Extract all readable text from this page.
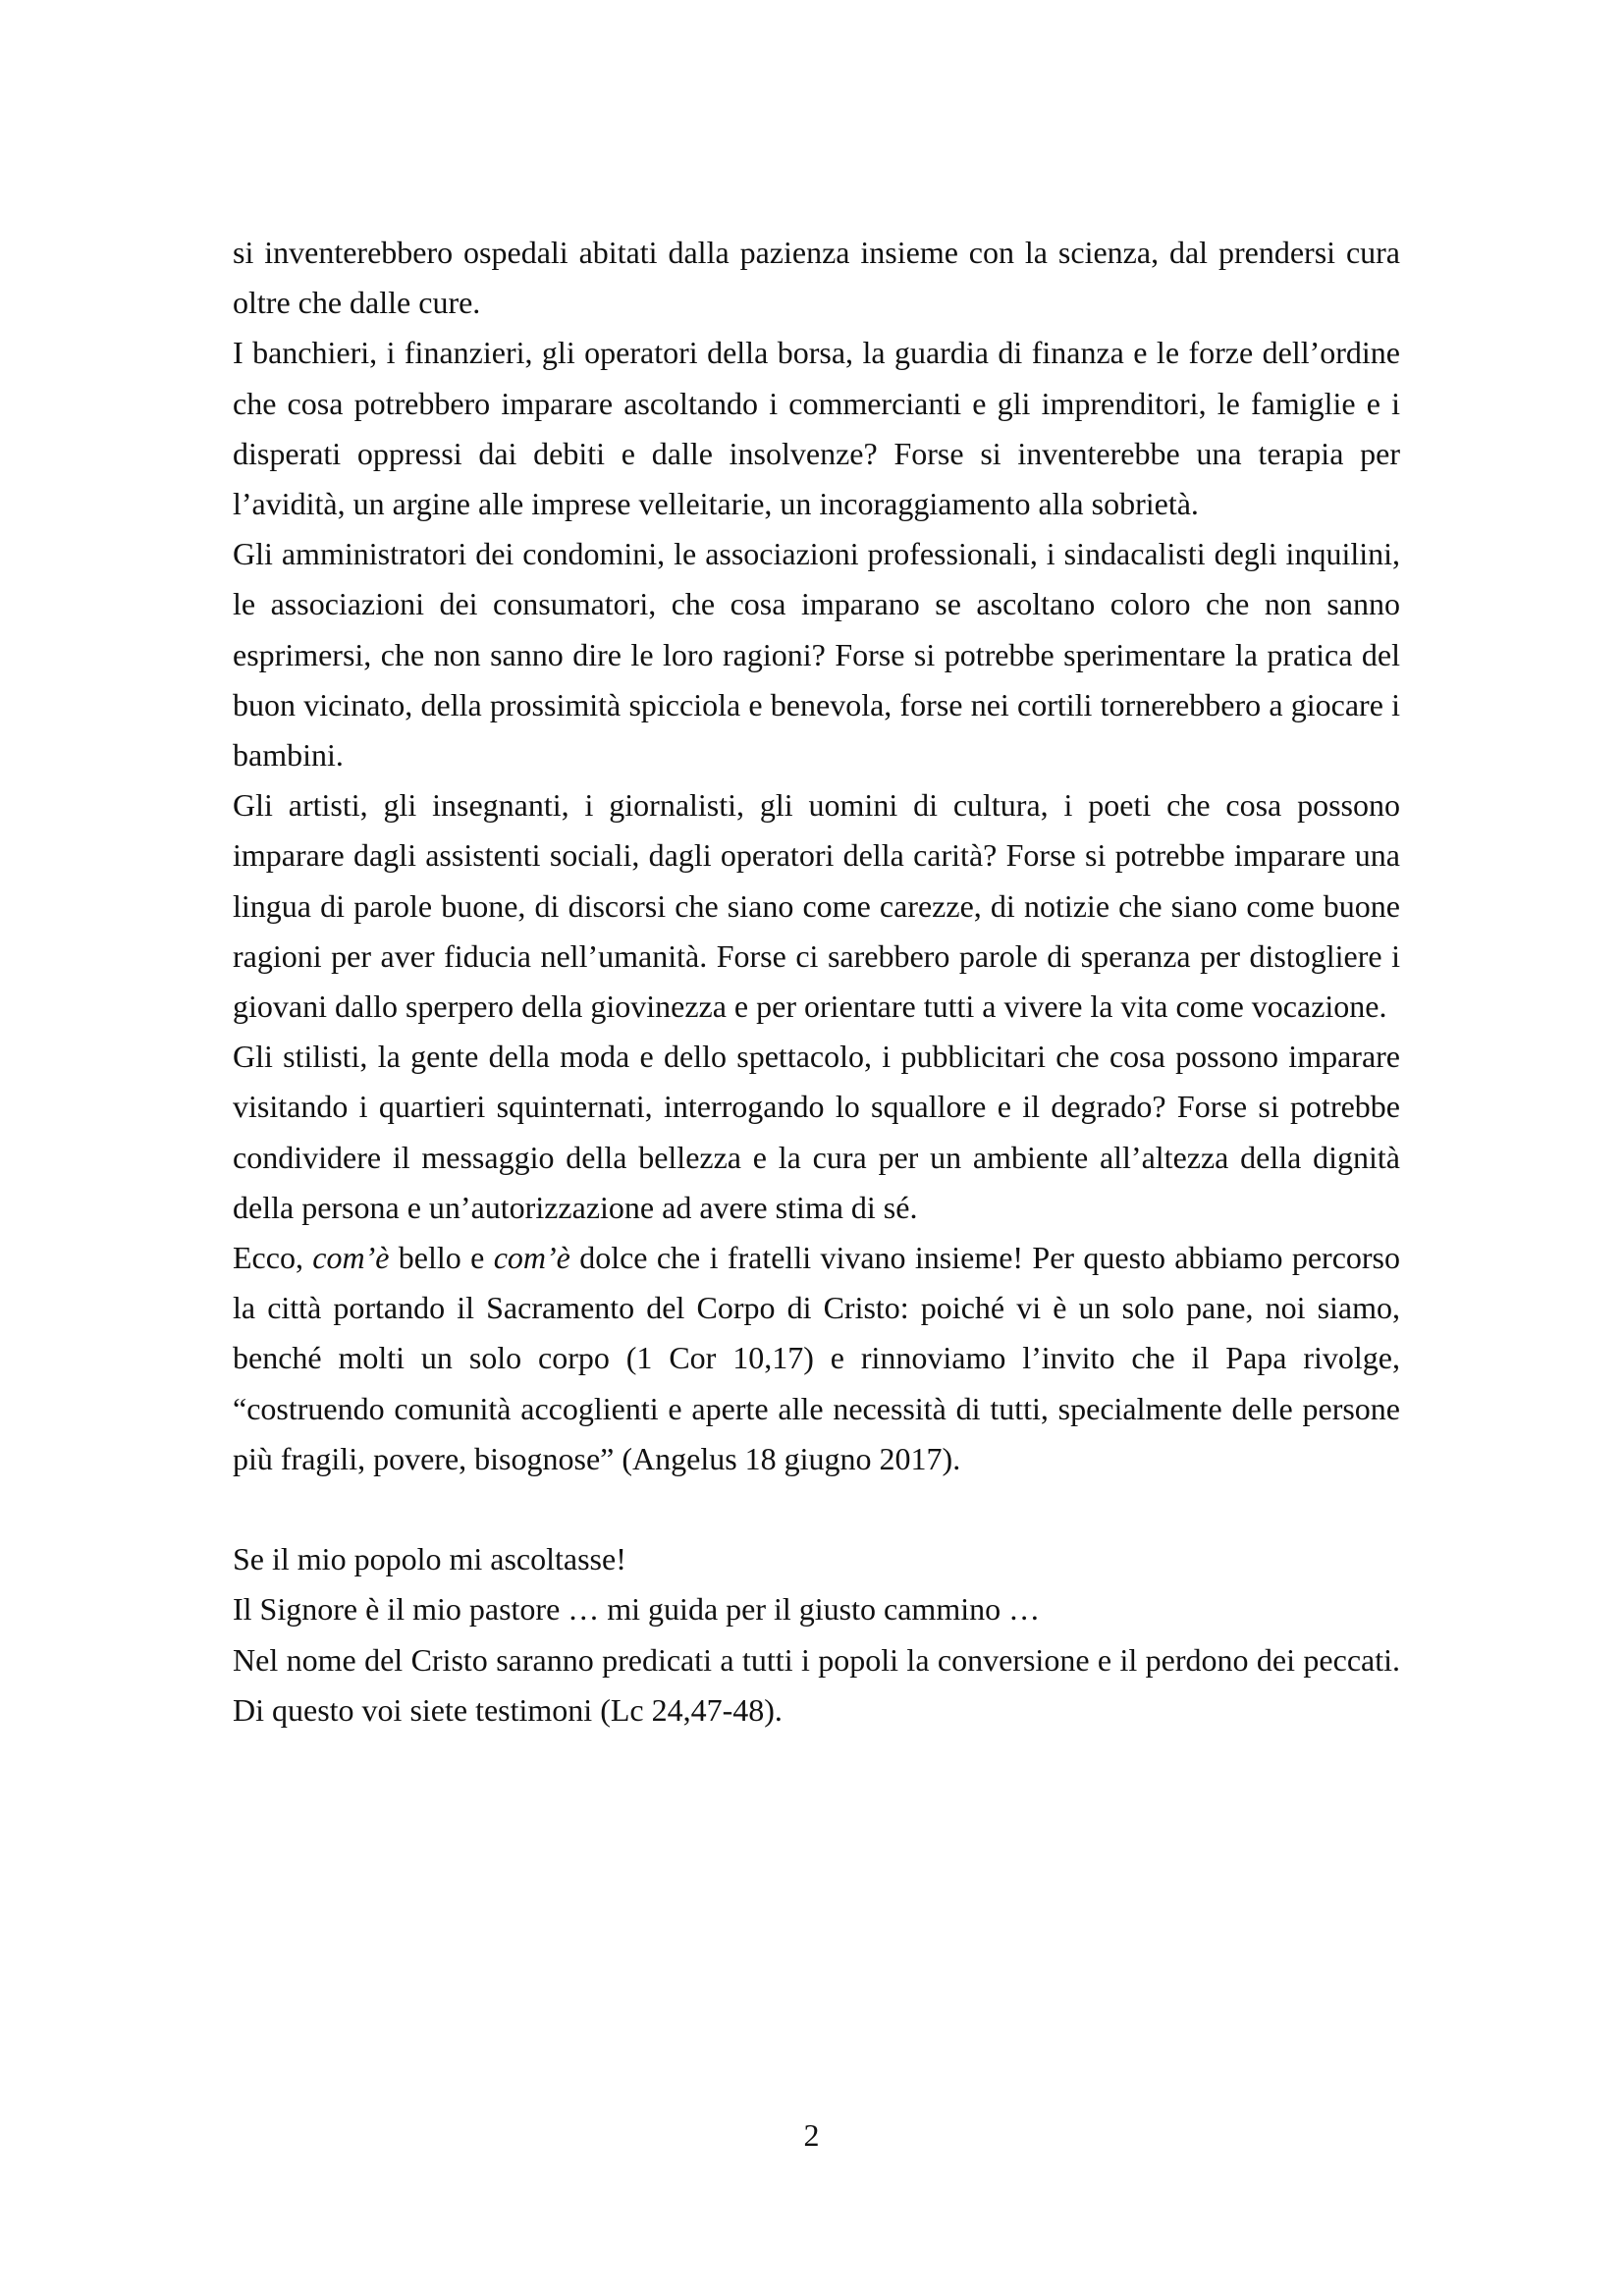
si inventerebbero ospedali abitati dalla pazienza insieme con la scienza, dal prendersi cura oltre che dalle cure.

I banchieri, i finanzieri, gli operatori della borsa, la guardia di finanza e le forze dell’ordine che cosa potrebbero imparare ascoltando i commercianti e gli imprenditori, le famiglie e i disperati oppressi dai debiti e dalle insolvenze? Forse si inventerebbe una terapia per l’avidità, un argine alle imprese velleitarie, un incoraggiamento alla sobrietà.

Gli amministratori dei condomini, le associazioni professionali, i sindacalisti degli inquilini, le associazioni dei consumatori, che cosa imparano se ascoltano coloro che non sanno esprimersi, che non sanno dire le loro ragioni? Forse si potrebbe sperimentare la pratica del buon vicinato, della prossimità spicciola e benevola, forse nei cortili tornerebbero a giocare i bambini.

Gli artisti, gli insegnanti, i giornalisti, gli uomini di cultura, i poeti che cosa possono imparare dagli assistenti sociali, dagli operatori della carità? Forse si potrebbe imparare una lingua di parole buone, di discorsi che siano come carezze, di notizie che siano come buone ragioni per aver fiducia nell’umanità. Forse ci sarebbero parole di speranza per distogliere i giovani dallo sperpero della giovinezza e per orientare tutti a vivere la vita come vocazione.

Gli stilisti, la gente della moda e dello spettacolo, i pubblicitari che cosa possono imparare visitando i quartieri squinternati, interrogando lo squallore e il degrado? Forse si potrebbe condividere il messaggio della bellezza e la cura per un ambiente all’altezza della dignità della persona e un’autorizzazione ad avere stima di sé.

Ecco, com’è bello e com’è dolce che i fratelli vivano insieme! Per questo abbiamo percorso la città portando il Sacramento del Corpo di Cristo: poiché vi è un solo pane, noi siamo, benché molti un solo corpo (1 Cor 10,17) e rinnoviamo l’invito che il Papa rivolge, “costruendo comunità accoglienti e aperte alle necessità di tutti, specialmente delle persone più fragili, povere, bisognose” (Angelus 18 giugno 2017).

Se il mio popolo mi ascoltasse!

Il Signore è il mio pastore … mi guida per il giusto cammino …

Nel nome del Cristo saranno predicati a tutti i popoli la conversione e il perdono dei peccati. Di questo voi siete testimoni (Lc 24,47-48).

2
